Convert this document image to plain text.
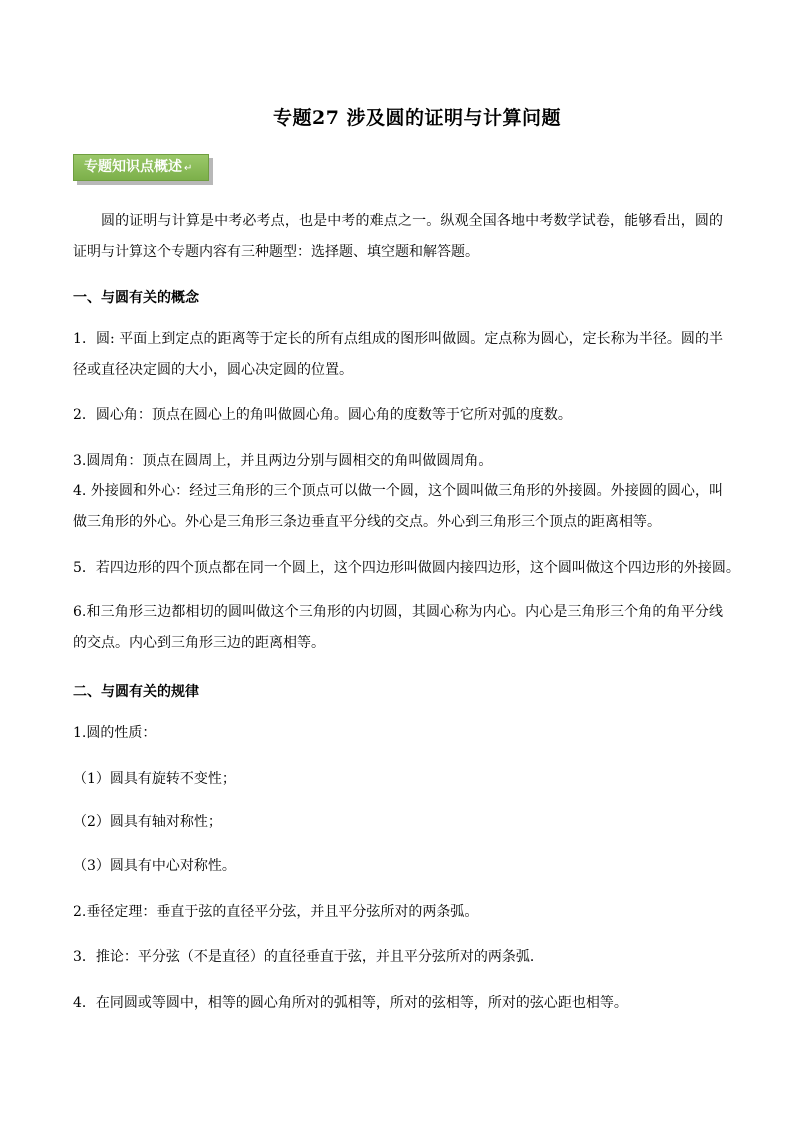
专题27 涉及圆的证明与计算问题
专题知识点概述 ↵
圆的证明与计算是中考必考点，也是中考的难点之一。纵观全国各地中考数学试卷，能够看出，圆的证明与计算这个专题内容有三种题型：选择题、填空题和解答题。
一、与圆有关的概念
1．圆: 平面上到定点的距离等于定长的所有点组成的图形叫做圆。定点称为圆心，定长称为半径。圆的半径或直径决定圆的大小，圆心决定圆的位置。
2．圆心角：顶点在圆心上的角叫做圆心角。圆心角的度数等于它所对弧的度数。
3.圆周角：顶点在圆周上，并且两边分别与圆相交的角叫做圆周角。
4. 外接圆和外心：经过三角形的三个顶点可以做一个圆，这个圆叫做三角形的外接圆。外接圆的圆心，叫做三角形的外心。外心是三角形三条边垂直平分线的交点。外心到三角形三个顶点的距离相等。
5．若四边形的四个顶点都在同一个圆上，这个四边形叫做圆内接四边形，这个圆叫做这个四边形的外接圆。
6.和三角形三边都相切的圆叫做这个三角形的内切圆，其圆心称为内心。内心是三角形三个角的角平分线的交点。内心到三角形三边的距离相等。
二、与圆有关的规律
1.圆的性质：
（1）圆具有旋转不变性；
（2）圆具有轴对称性；
（3）圆具有中心对称性。
2.垂径定理：垂直于弦的直径平分弦，并且平分弦所对的两条弧。
3．推论：平分弦（不是直径）的直径垂直于弦，并且平分弦所对的两条弧．
4．在同圆或等圆中，相等的圆心角所对的弧相等，所对的弦相等，所对的弦心距也相等。
